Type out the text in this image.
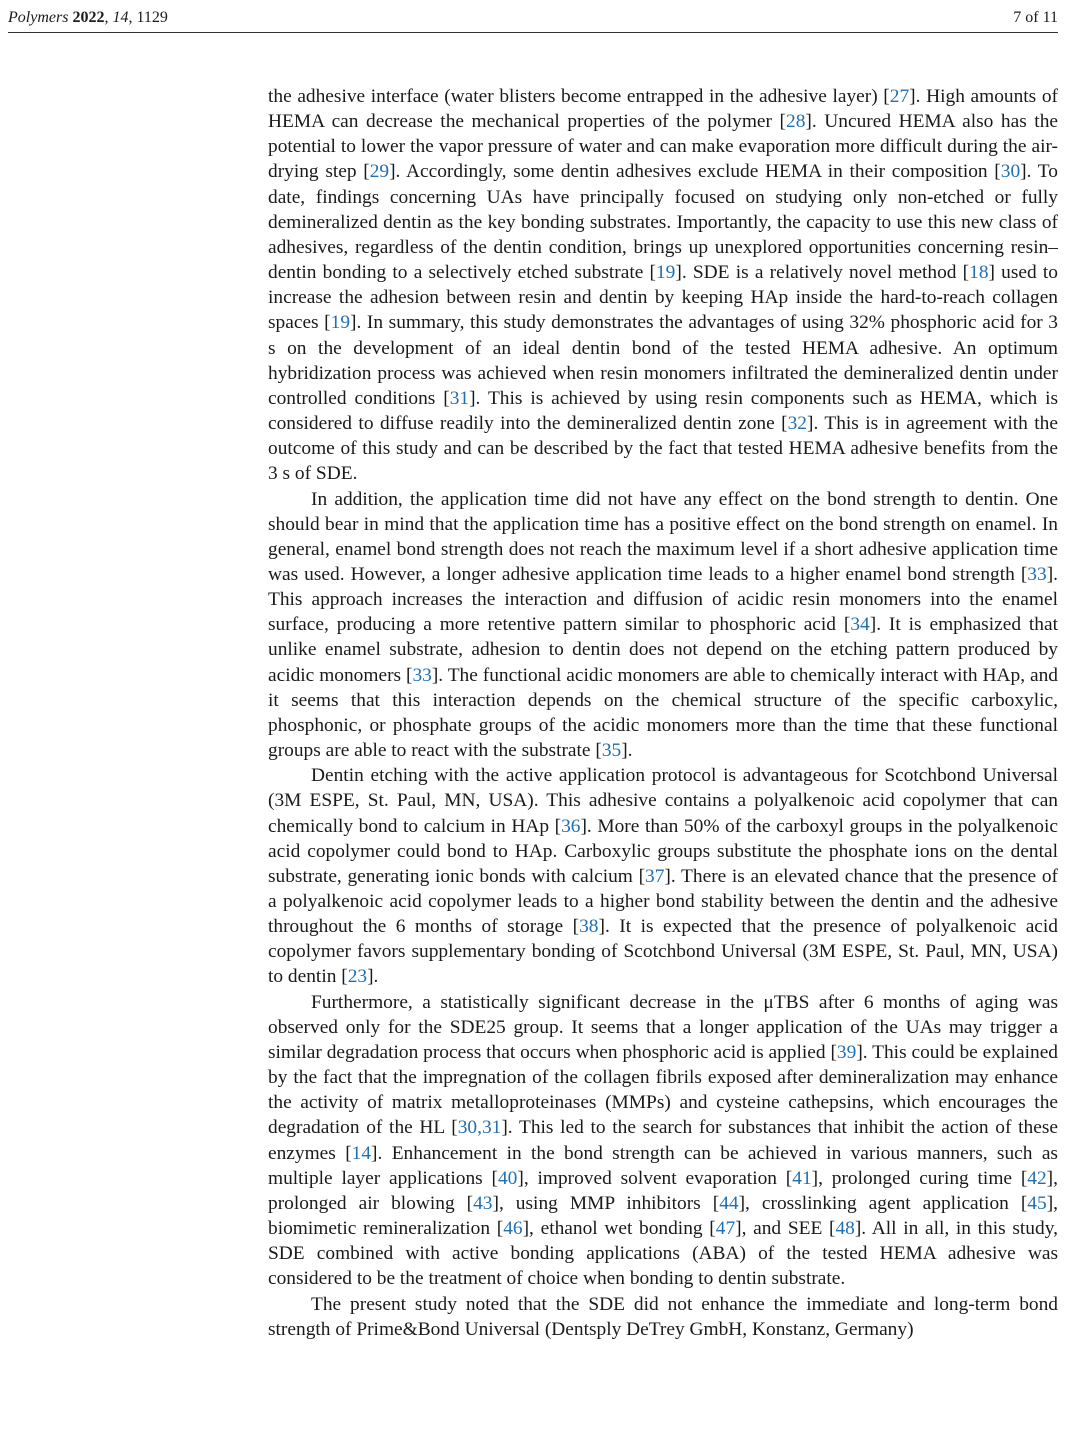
Polymers 2022, 14, 1129	7 of 11

the adhesive interface (water blisters become entrapped in the adhesive layer) [27]. High amounts of HEMA can decrease the mechanical properties of the polymer [28]. Uncured HEMA also has the potential to lower the vapor pressure of water and can make evaporation more difficult during the air-drying step [29]. Accordingly, some dentin adhesives exclude HEMA in their composition [30]. To date, findings concerning UAs have principally focused on studying only non-etched or fully demineralized dentin as the key bonding substrates. Importantly, the capacity to use this new class of adhesives, regardless of the dentin condition, brings up unexplored opportunities concerning resin–dentin bonding to a selectively etched substrate [19]. SDE is a relatively novel method [18] used to increase the adhesion between resin and dentin by keeping HAp inside the hard-to-reach collagen spaces [19]. In summary, this study demonstrates the advantages of using 32% phosphoric acid for 3 s on the development of an ideal dentin bond of the tested HEMA adhesive. An optimum hybridization process was achieved when resin monomers infiltrated the demineralized dentin under controlled conditions [31]. This is achieved by using resin components such as HEMA, which is considered to diffuse readily into the demineralized dentin zone [32]. This is in agreement with the outcome of this study and can be described by the fact that tested HEMA adhesive benefits from the 3 s of SDE.

In addition, the application time did not have any effect on the bond strength to dentin. One should bear in mind that the application time has a positive effect on the bond strength on enamel. In general, enamel bond strength does not reach the maximum level if a short adhesive application time was used. However, a longer adhesive application time leads to a higher enamel bond strength [33]. This approach increases the interaction and diffusion of acidic resin monomers into the enamel surface, producing a more retentive pattern similar to phosphoric acid [34]. It is emphasized that unlike enamel substrate, adhesion to dentin does not depend on the etching pattern produced by acidic monomers [33]. The functional acidic monomers are able to chemically interact with HAp, and it seems that this interaction depends on the chemical structure of the specific carboxylic, phosphonic, or phosphate groups of the acidic monomers more than the time that these functional groups are able to react with the substrate [35].

Dentin etching with the active application protocol is advantageous for Scotchbond Universal (3M ESPE, St. Paul, MN, USA). This adhesive contains a polyalkenoic acid copolymer that can chemically bond to calcium in HAp [36]. More than 50% of the carboxyl groups in the polyalkenoic acid copolymer could bond to HAp. Carboxylic groups substitute the phosphate ions on the dental substrate, generating ionic bonds with calcium [37]. There is an elevated chance that the presence of a polyalkenoic acid copolymer leads to a higher bond stability between the dentin and the adhesive throughout the 6 months of storage [38]. It is expected that the presence of polyalkenoic acid copolymer favors supplementary bonding of Scotchbond Universal (3M ESPE, St. Paul, MN, USA) to dentin [23].

Furthermore, a statistically significant decrease in the μTBS after 6 months of aging was observed only for the SDE25 group. It seems that a longer application of the UAs may trigger a similar degradation process that occurs when phosphoric acid is applied [39]. This could be explained by the fact that the impregnation of the collagen fibrils exposed after demineralization may enhance the activity of matrix metalloproteinases (MMPs) and cysteine cathepsins, which encourages the degradation of the HL [30,31]. This led to the search for substances that inhibit the action of these enzymes [14]. Enhancement in the bond strength can be achieved in various manners, such as multiple layer applications [40], improved solvent evaporation [41], prolonged curing time [42], prolonged air blowing [43], using MMP inhibitors [44], crosslinking agent application [45], biomimetic remineralization [46], ethanol wet bonding [47], and SEE [48]. All in all, in this study, SDE combined with active bonding applications (ABA) of the tested HEMA adhesive was considered to be the treatment of choice when bonding to dentin substrate.

The present study noted that the SDE did not enhance the immediate and long-term bond strength of Prime&Bond Universal (Dentsply DeTrey GmbH, Konstanz, Germany)
